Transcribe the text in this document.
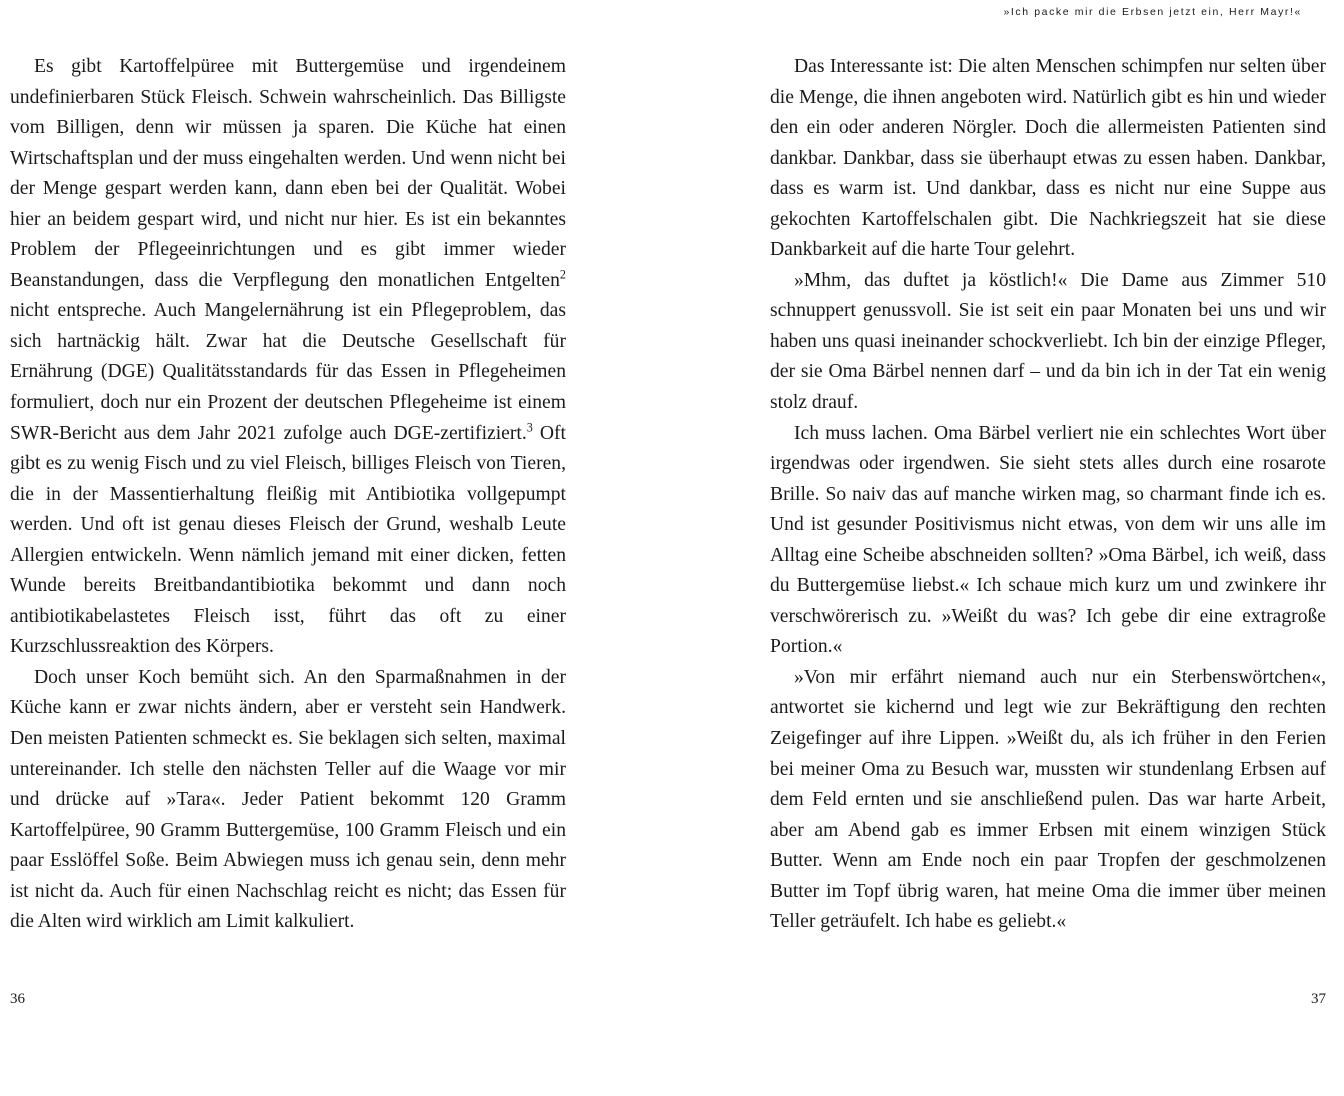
»Ich packe mir die Erbsen jetzt ein, Herr Mayr!«

Es gibt Kartoffelpüree mit Buttergemüse und irgendeinem undefinierbaren Stück Fleisch. Schwein wahrscheinlich. Das Billigste vom Billigen, denn wir müssen ja sparen. Die Küche hat einen Wirtschaftsplan und der muss eingehalten werden. Und wenn nicht bei der Menge gespart werden kann, dann eben bei der Qualität. Wobei hier an beidem gespart wird, und nicht nur hier. Es ist ein bekanntes Problem der Pflegeeinrichtungen und es gibt immer wieder Beanstandungen, dass die Verpflegung den monatlichen Entgelten$^2$ nicht entspreche. Auch Mangelernährung ist ein Pflegeproblem, das sich hartnäckig hält. Zwar hat die Deutsche Gesellschaft für Ernährung (DGE) Qualitätsstandards für das Essen in Pflegeheimen formuliert, doch nur ein Prozent der deutschen Pflegeheime ist einem SWR-Bericht aus dem Jahr 2021 zufolge auch DGE-zertifiziert.$^3$ Oft gibt es zu wenig Fisch und zu viel Fleisch, billiges Fleisch von Tieren, die in der Massentierhaltung fleißig mit Antibiotika vollgepumpt werden. Und oft ist genau dieses Fleisch der Grund, weshalb Leute Allergien entwickeln. Wenn nämlich jemand mit einer dicken, fetten Wunde bereits Breitbandantibiotika bekommt und dann noch antibiotikabelastetes Fleisch isst, führt das oft zu einer Kurzschlussreaktion des Körpers.

Doch unser Koch bemüht sich. An den Sparmaßnahmen in der Küche kann er zwar nichts ändern, aber er versteht sein Handwerk. Den meisten Patienten schmeckt es. Sie beklagen sich selten, maximal untereinander. Ich stelle den nächsten Teller auf die Waage vor mir und drücke auf »Tara«. Jeder Patient bekommt 120 Gramm Kartoffelpüree, 90 Gramm Buttergemüse, 100 Gramm Fleisch und ein paar Esslöffel Soße. Beim Abwiegen muss ich genau sein, denn mehr ist nicht da. Auch für einen Nachschlag reicht es nicht; das Essen für die Alten wird wirklich am Limit kalkuliert.

36

Das Interessante ist: Die alten Menschen schimpfen nur selten über die Menge, die ihnen angeboten wird. Natürlich gibt es hin und wieder den ein oder anderen Nörgler. Doch die allermeisten Patienten sind dankbar. Dankbar, dass sie überhaupt etwas zu essen haben. Dankbar, dass es warm ist. Und dankbar, dass es nicht nur eine Suppe aus gekochten Kartoffelschalen gibt. Die Nachkriegszeit hat sie diese Dankbarkeit auf die harte Tour gelehrt.

»Mhm, das duftet ja köstlich!« Die Dame aus Zimmer 510 schnuppert genussvoll. Sie ist seit ein paar Monaten bei uns und wir haben uns quasi ineinander schockverliebt. Ich bin der einzige Pfleger, der sie Oma Bärbel nennen darf – und da bin ich in der Tat ein wenig stolz drauf.

Ich muss lachen. Oma Bärbel verliert nie ein schlechtes Wort über irgendwas oder irgendwen. Sie sieht stets alles durch eine rosarote Brille. So naiv das auf manche wirken mag, so charmant finde ich es. Und ist gesunder Positivismus nicht etwas, von dem wir uns alle im Alltag eine Scheibe abschneiden sollten? »Oma Bärbel, ich weiß, dass du Buttergemüse liebst.« Ich schaue mich kurz um und zwinkere ihr verschwörerisch zu. »Weißt du was? Ich gebe dir eine extragroße Portion.«

»Von mir erfährt niemand auch nur ein Sterbenswörtchen«, antwortet sie kichernd und legt wie zur Bekräftigung den rechten Zeigefinger auf ihre Lippen. »Weißt du, als ich früher in den Ferien bei meiner Oma zu Besuch war, mussten wir stundenlang Erbsen auf dem Feld ernten und sie anschließend pulen. Das war harte Arbeit, aber am Abend gab es immer Erbsen mit einem winzigen Stück Butter. Wenn am Ende noch ein paar Tropfen der geschmolzenen Butter im Topf übrig waren, hat meine Oma die immer über meinen Teller geträufelt. Ich habe es geliebt.«

37
